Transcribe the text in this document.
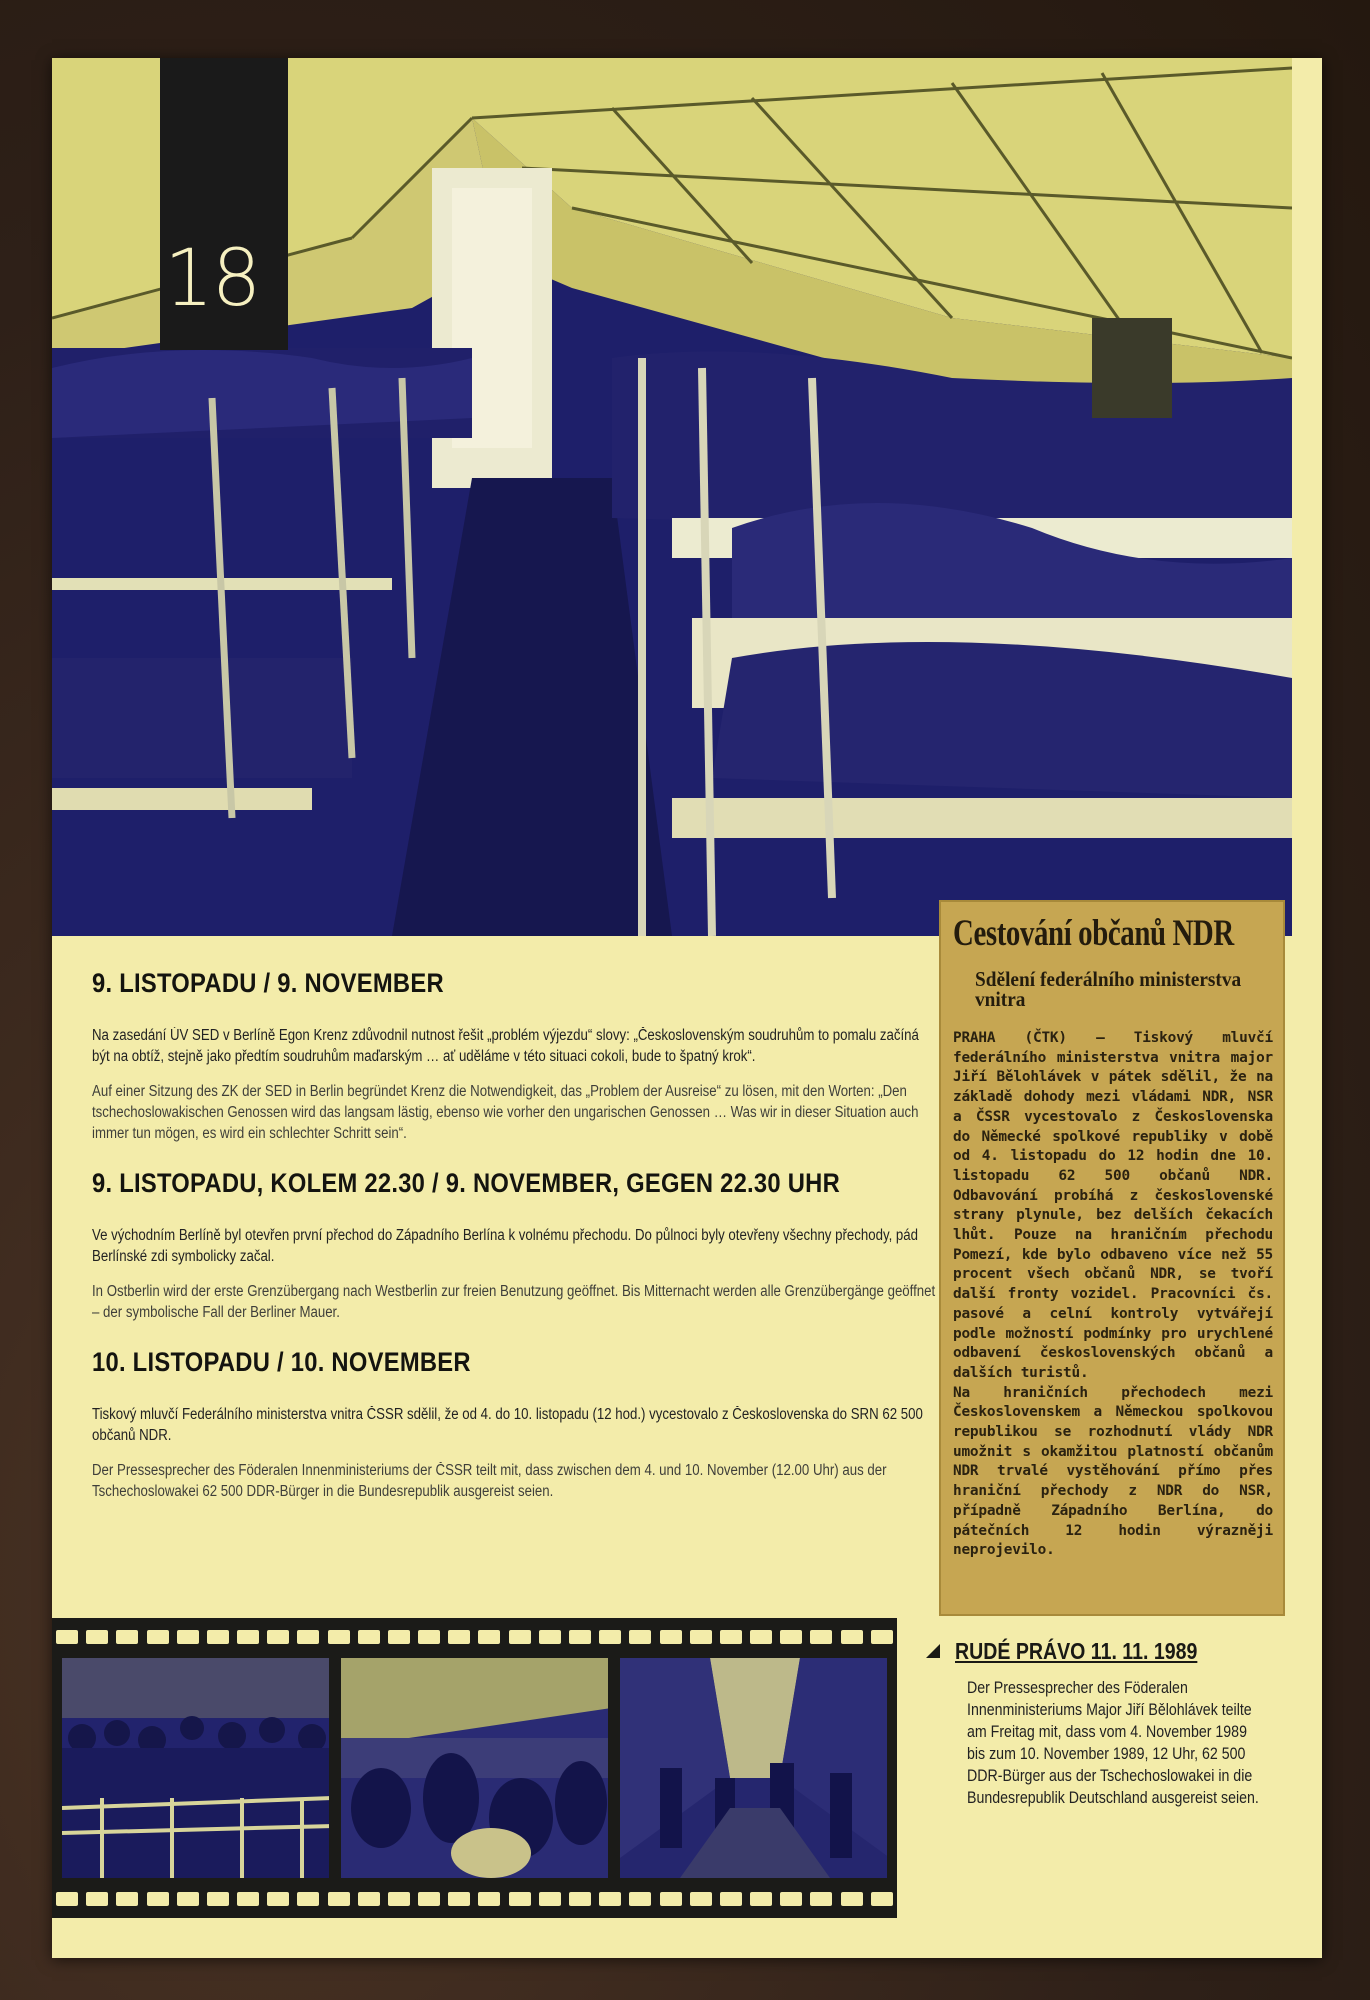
18
9. LISTOPADU / 9. NOVEMBER

Na zasedání ÚV SED v Berlíně Egon Krenz zdůvodnil nutnost řešit „problém výjezdu“ slovy: „Československým soudruhům to pomalu začíná být na obtíž, stejně jako předtím soudruhům maďarským … ať uděláme v této situaci cokoli, bude to špatný krok“.

Auf einer Sitzung des ZK der SED in Berlin begründet Krenz die Notwendigkeit, das „Problem der Ausreise“ zu lösen, mit den Worten: „Den tschechoslowakischen Genossen wird das langsam lästig, ebenso wie vorher den ungarischen Genossen … Was wir in dieser Situation auch immer tun mögen, es wird ein schlechter Schritt sein“.

9. LISTOPADU, KOLEM 22.30 / 9. NOVEMBER, GEGEN 22.30 UHR

Ve východním Berlíně byl otevřen první přechod do Západního Berlína k volnému přechodu. Do půlnoci byly otevřeny všechny přechody, pád Berlínské zdi symbolicky začal.

In Ostberlin wird der erste Grenzübergang nach Westberlin zur freien Benutzung geöffnet. Bis Mitternacht werden alle Grenzübergänge geöffnet – der symbolische Fall der Berliner Mauer.

10. LISTOPADU / 10. NOVEMBER

Tiskový mluvčí Federálního ministerstva vnitra ČSSR sdělil, že od 4. do 10. listopadu (12 hod.) vycestovalo z Československa do SRN 62 500 občanů NDR.

Der Pressesprecher des Föderalen Innenministeriums der ČSSR teilt mit, dass zwischen dem 4. und 10. November (12.00 Uhr) aus der Tschechoslowakei 62 500 DDR-Bürger in die Bundesrepublik ausgereist seien.

Cestování občanů NDR
Sdělení federálního ministerstva vnitra
PRAHA (ČTK) — Tiskový mluvčí federálního ministerstva vnitra major Jiří Bělohlávek v pátek sdělil, že na základě dohody mezi vládami NDR, NSR a ČSSR vycestovalo z Československa do Německé spolkové republiky v době od 4. listopadu do 12 hodin dne 10. listopadu 62 500 občanů NDR. Odbavování probíhá z československé strany plynule, bez delších čekacích lhůt. Pouze na hraničním přechodu Pomezí, kde bylo odbaveno více než 55 procent všech občanů NDR, se tvoří další fronty vozidel. Pracovníci čs. pasové a celní kontroly vytvářejí podle možností podmínky pro urychlené odbavení československých občanů a dalších turistů.
Na hraničních přechodech mezi Československem a Německou spolkovou republikou se rozhodnutí vlády NDR umožnit s okamžitou platností občanům NDR trvalé vystěhování přímo přes hraniční přechody z NDR do NSR, případně Západního Berlína, do pátečních 12 hodin výrazněji neprojevilo.
RUDÉ PRÁVO 11. 11. 1989
Der Pressesprecher des Föderalen Innenministeriums Major Jiří Bělohlávek teilte am Freitag mit, dass vom 4. November 1989 bis zum 10. November 1989, 12 Uhr, 62 500 DDR-Bürger aus der Tschechoslowakei in die Bundesrepublik Deutschland ausgereist seien.
